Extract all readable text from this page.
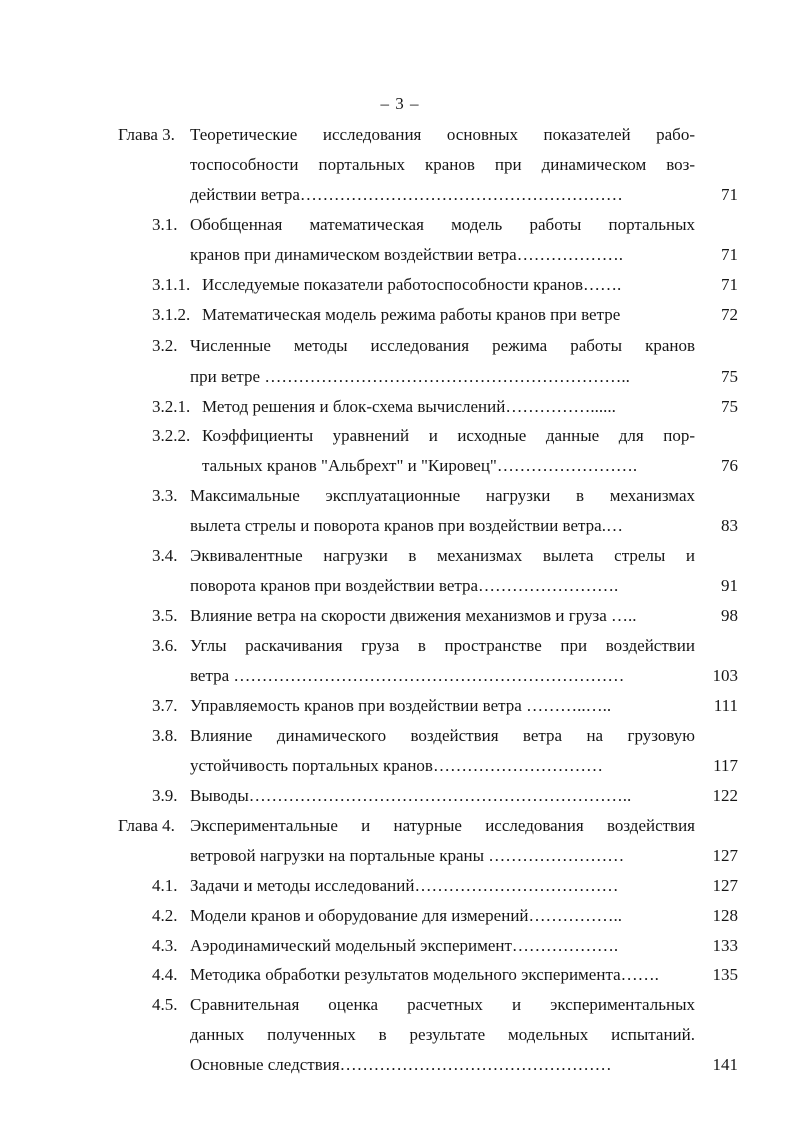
– 3 –
Глава 3. Теоретические исследования основных показателей рабо-
тоспособности портальных кранов при динамическом воз-
действии ветра…………………………………………………	71
3.1. Обобщенная математическая модель работы портальных
кранов при динамическом воздействии ветра……………….	71
3.1.1. Исследуемые показатели работоспособности кранов…….	71
3.1.2. Математическая модель режима работы кранов при ветре	72
3.2. Численные методы исследования режима работы кранов
при ветре ………………………………………………………..	75
3.2.1. Метод решения и блок-схема вычислений……………......	75
3.2.2. Коэффициенты уравнений и исходные данные для пор-
тальных кранов "Альбрехт" и "Кировец"…………………….	76
3.3. Максимальные эксплуатационные нагрузки в механизмах
вылета стрелы и поворота кранов при воздействии ветра.…	83
3.4. Эквивалентные нагрузки в механизмах вылета стрелы и
поворота кранов при воздействии ветра…………………….	91
3.5. Влияние ветра на скорости движения механизмов и груза …..	98
3.6. Углы раскачивания груза в пространстве при воздействии
ветра ……………………………………………………………	103
3.7. Управляемость кранов при воздействии ветра ………..…..	111
3.8. Влияние динамического воздействия ветра на грузовую
устойчивость портальных кранов…………………………	117
3.9. Выводы…………………………………………………………..	122
Глава 4. Экспериментальные и натурные исследования воздействия
ветровой нагрузки на портальные краны ……………………	127
4.1. Задачи и методы исследований………………………………	127
4.2. Модели кранов и оборудование для измерений……………..	128
4.3. Аэродинамический модельный эксперимент……………….	133
4.4. Методика обработки результатов модельного эксперимента…….	135
4.5. Сравнительная оценка расчетных и экспериментальных
данных полученных в результате модельных испытаний.
Основные следствия…………………………………………	141
